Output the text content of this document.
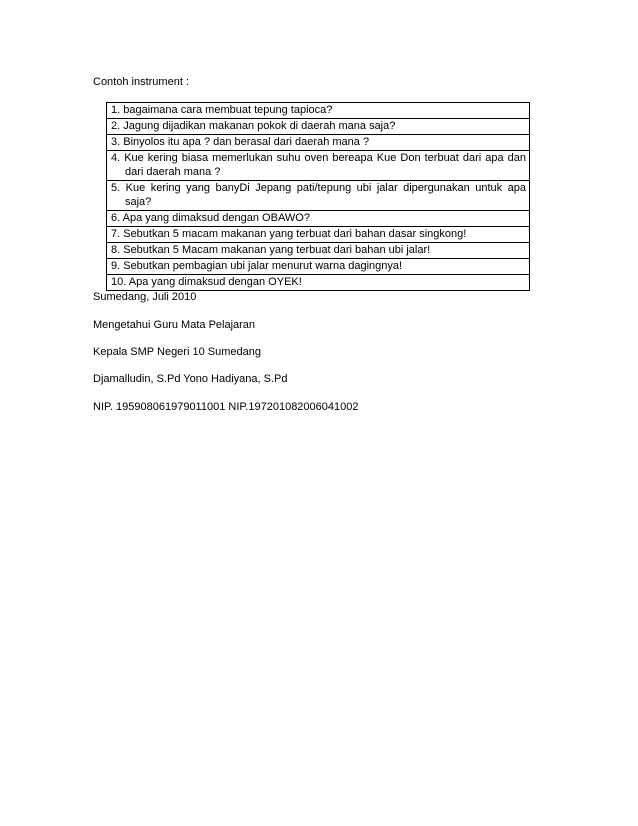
Contoh instrument :
1. bagaimana cara membuat tepung tapioca?
2. Jagung dijadikan makanan pokok di daerah mana saja?
3. Binyolos itu apa ? dan berasal dari daerah mana ?
4. Kue kering biasa memerlukan suhu oven bereapa Kue Don terbuat dari apa dan dari daerah mana ?
5. Kue kering yang banyDi Jepang pati/tepung ubi jalar dipergunakan untuk apa saja?
6. Apa yang dimaksud dengan OBAWO?
7. Sebutkan 5 macam makanan yang terbuat dari bahan dasar singkong!
8. Sebutkan 5 Macam makanan yang terbuat dari bahan ubi jalar!
9. Sebutkan pembagian ubi jalar menurut warna dagingnya!
10. Apa yang dimaksud dengan OYEK!
Sumedang, Juli 2010
Mengetahui Guru Mata Pelajaran
Kepala SMP Negeri 10 Sumedang
Djamalludin, S.Pd Yono Hadiyana, S.Pd
NIP. 195908061979011001 NIP.197201082006041002
